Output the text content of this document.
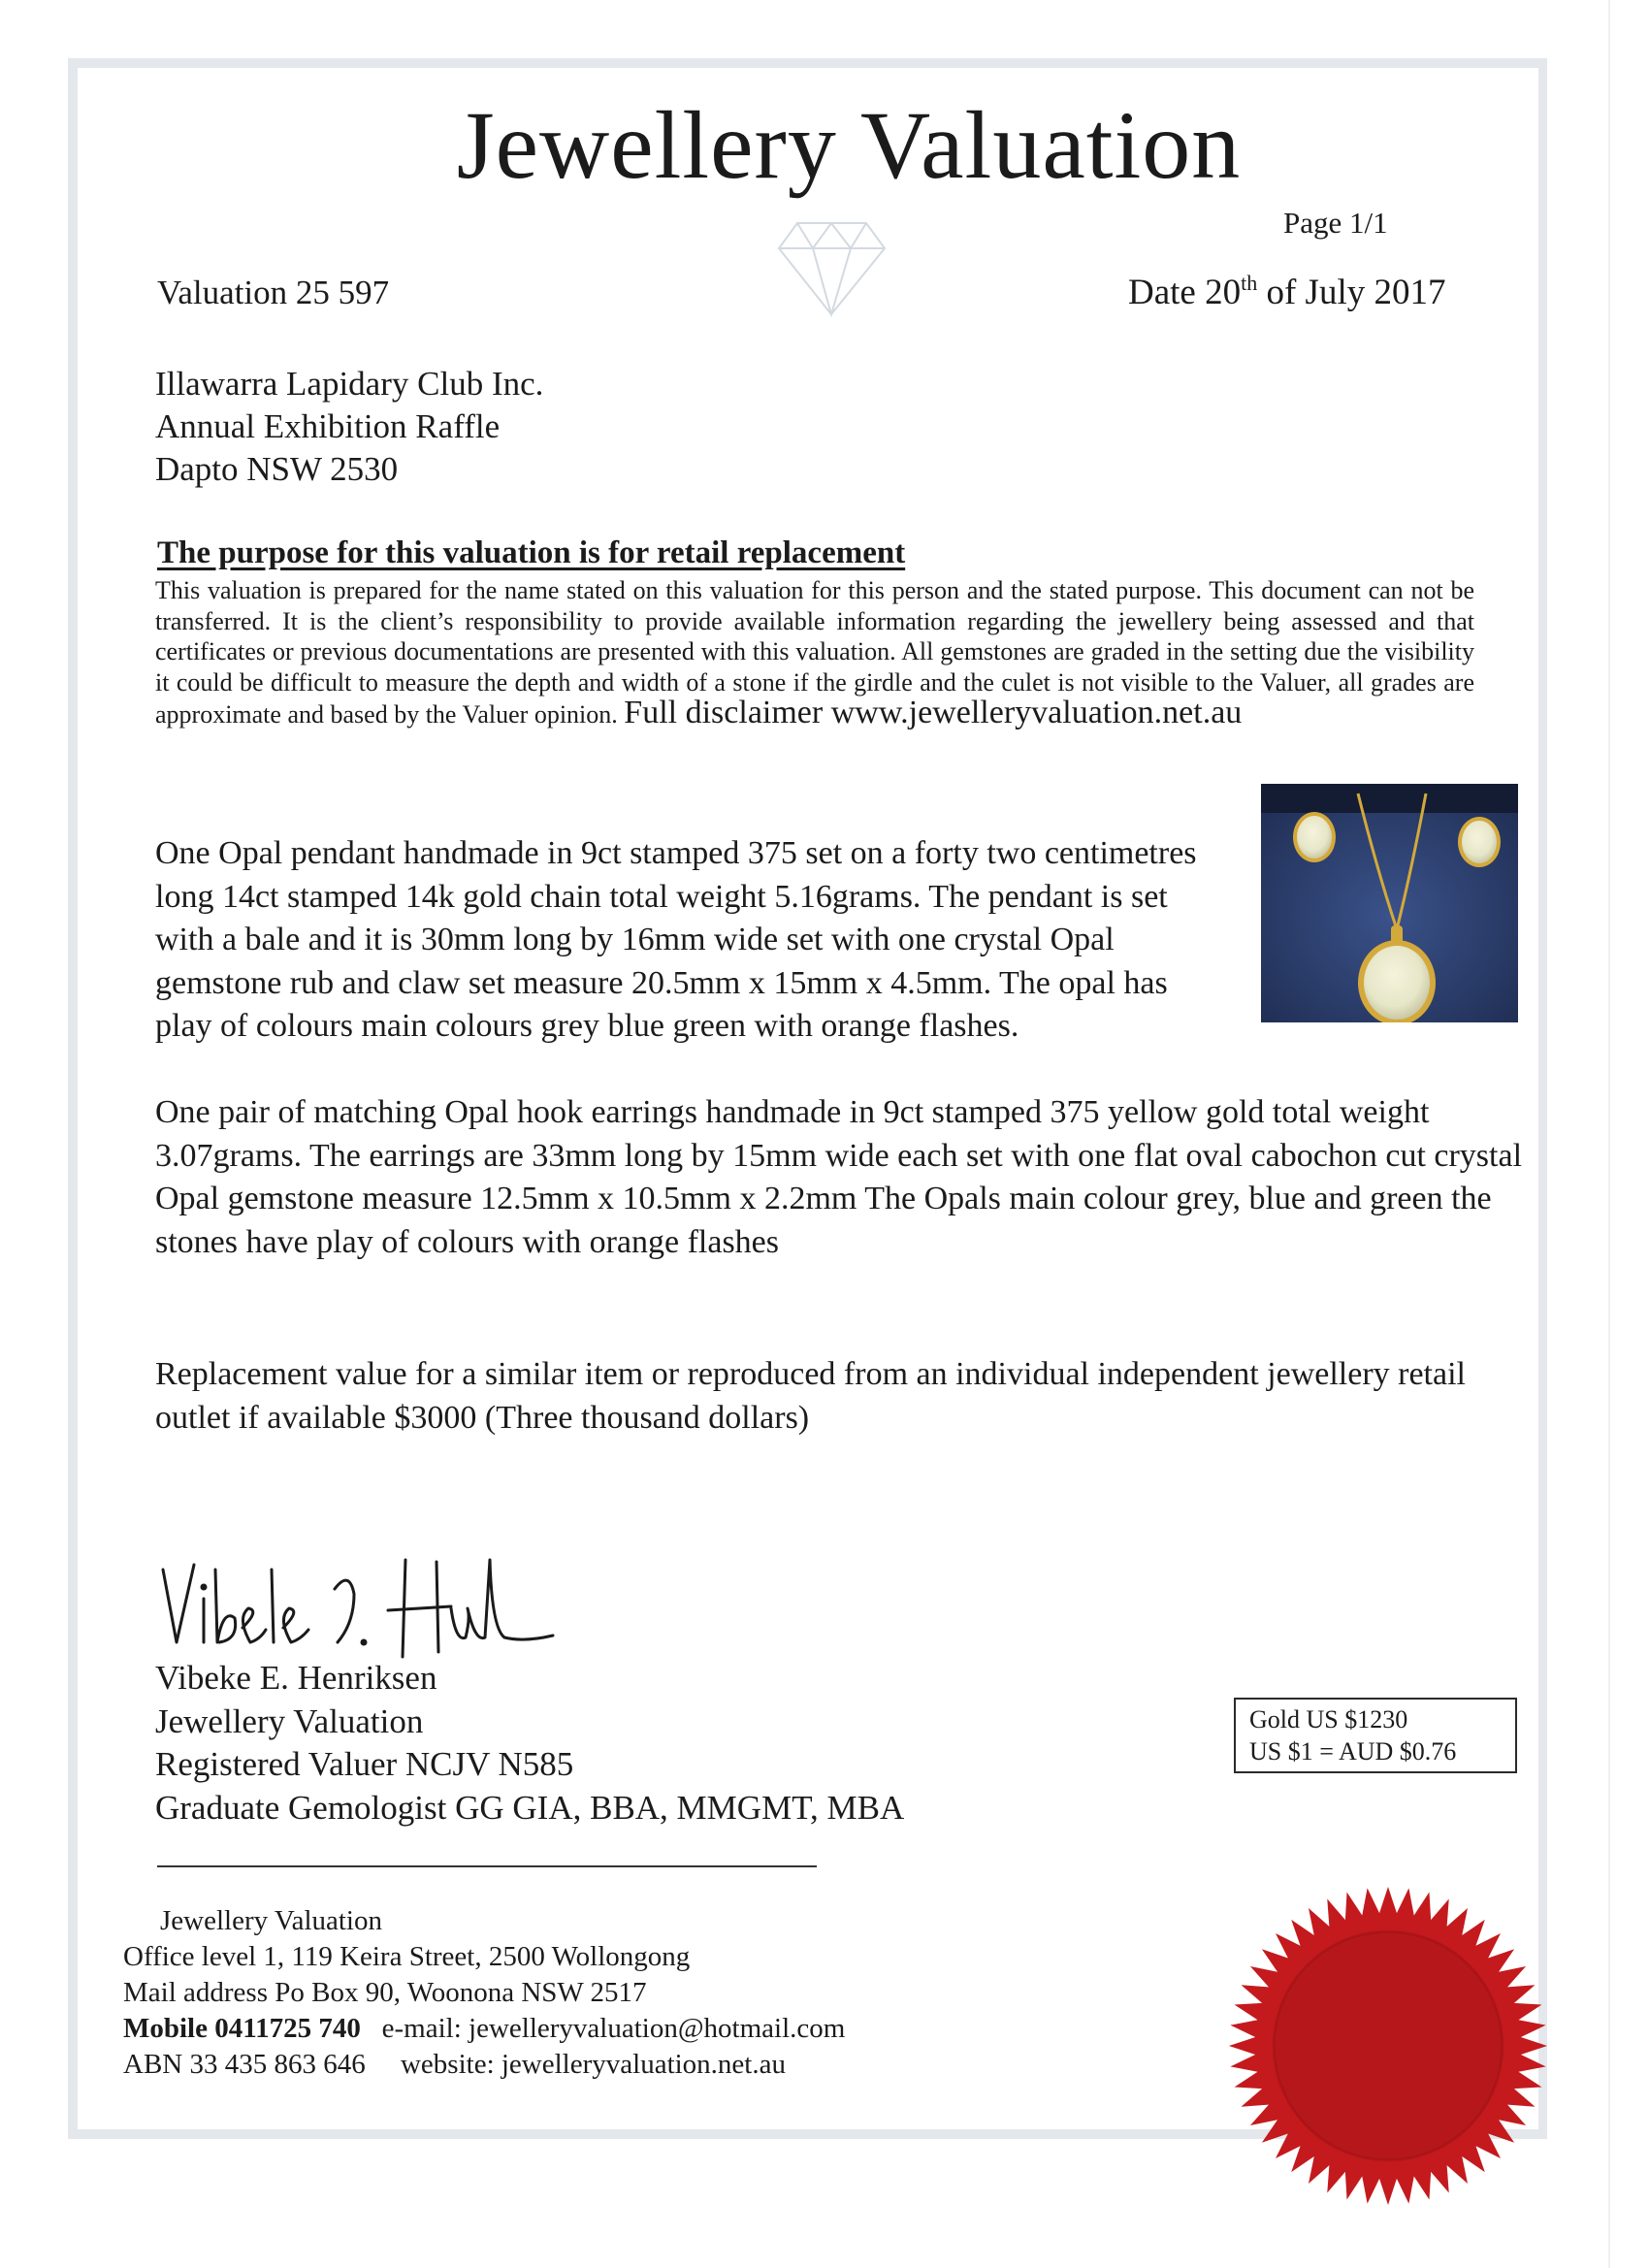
Jewellery Valuation
Page 1/1
Valuation 25 597	Date 20th of July 2017
Illawarra Lapidary Club Inc.
Annual Exhibition Raffle
Dapto NSW 2530
The purpose for this valuation is for retail replacement
This valuation is prepared for the name stated on this valuation for this person and the stated purpose. This document can not be transferred. It is the client’s responsibility to provide available information regarding the jewellery being assessed and that certificates or previous documentations are presented with this valuation. All gemstones are graded in the setting due the visibility it could be difficult to measure the depth and width of a stone if the girdle and the culet is not visible to the Valuer, all grades are approximate and based by the Valuer opinion. Full disclaimer www.jewelleryvaluation.net.au
One Opal pendant handmade in 9ct stamped 375 set on a forty two centimetres long 14ct stamped 14k gold chain total weight 5.16grams. The pendant is set with a bale and it is 30mm long by 16mm wide set with one crystal Opal gemstone rub and claw set measure 20.5mm x 15mm x 4.5mm. The opal has play of colours main colours grey blue green with orange flashes.
One pair of matching Opal hook earrings handmade in 9ct stamped 375 yellow gold total weight 3.07grams. The earrings are 33mm long by 15mm wide each set with one flat oval cabochon cut crystal Opal gemstone measure 12.5mm x 10.5mm x 2.2mm The Opals main colour grey, blue and green the stones have play of colours with orange flashes
Replacement value for a similar item or reproduced from an individual independent jewellery retail outlet if available $3000 (Three thousand dollars)
Vibeke E. Henriksen
Jewellery Valuation
Registered Valuer NCJV N585
Graduate Gemologist GG GIA, BBA, MMGMT, MBA
Gold US $1230
US $1 = AUD $0.76
Jewellery Valuation
Office level 1, 119 Keira Street, 2500 Wollongong
Mail address Po Box 90, Woonona NSW 2517
Mobile 0411725 740 e-mail: jewelleryvaluation@hotmail.com
ABN 33 435 863 646 website: jewelleryvaluation.net.au
